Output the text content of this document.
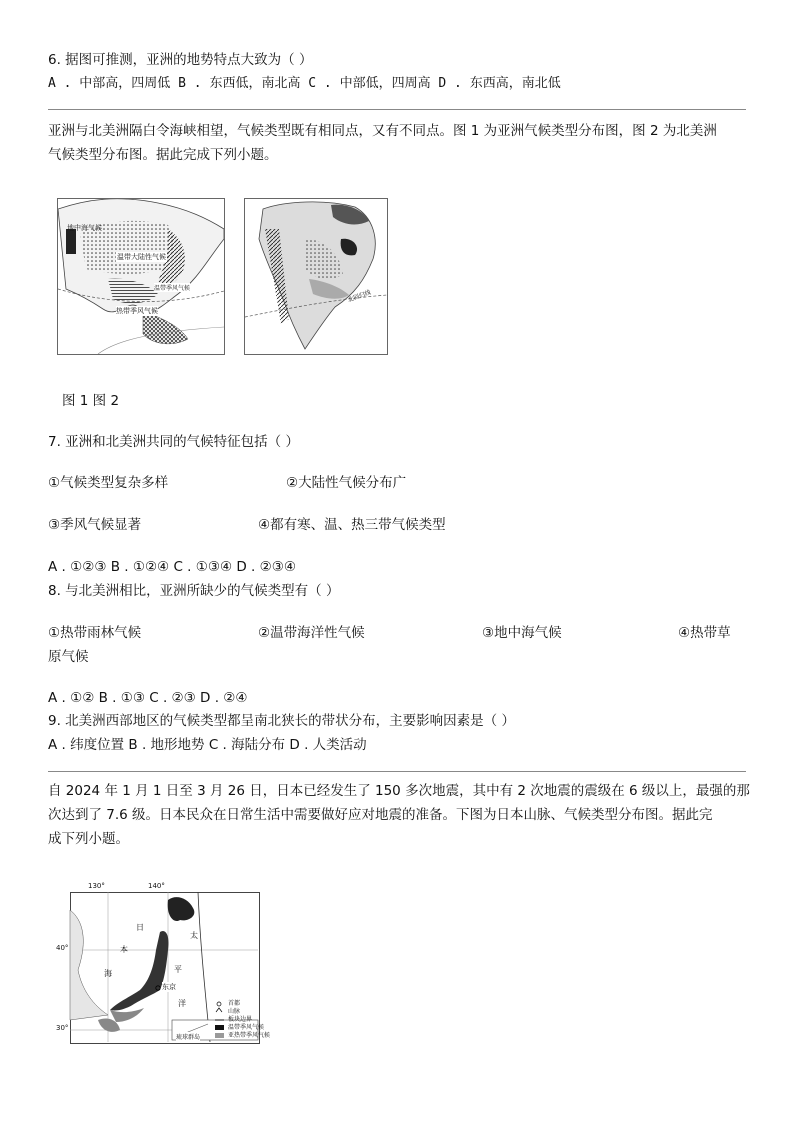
6. 据图可推测，亚洲的地势特点大致为（ ）
A . 中部高，四周低 B . 东西低，南北高 C . 中部低，四周高 D . 东西高，南北低
亚洲与北美洲隔白令海峡相望，气候类型既有相同点，又有不同点。图 1 为亚洲气候类型分布图，图 2 为北美洲
气候类型分布图。据此完成下列小题。
地中海气候
温带大陆性气候
温带季风气候
热带季风气候
北回归线
图 1 图 2
7. 亚洲和北美洲共同的气候特征包括（ ）
①气候类型复杂多样	②大陆性气候分布广
③季风气候显著	④都有寒、温、热三带气候类型
A . ①②③ B . ①②④ C . ①③④ D . ②③④
8. 与北美洲相比，亚洲所缺少的气候类型有（ ）
①热带雨林气候	②温带海洋性气候	③地中海气候	④热带草
原气候
A . ①② B . ①③ C . ②③ D . ②④
9. 北美洲西部地区的气候类型都呈南北狭长的带状分布，主要影响因素是（ ）
A . 纬度位置 B . 地形地势 C . 海陆分布 D . 人类活动
自 2024 年 1 月 1 日至 3 月 26 日，日本已经发生了 150 多次地震，其中有 2 次地震的震级在 6 级以上，最强的那
次达到了 7.6 级。日本民众在日常生活中需要做好应对地震的准备。下图为日本山脉、气候类型分布图。据此完
成下列小题。
130°	140°
40°
30°
日
本
海
太
平
洋
东京
琉球群岛
首都
山脉
板块边界
温带季风气候
亚热带季风气候
